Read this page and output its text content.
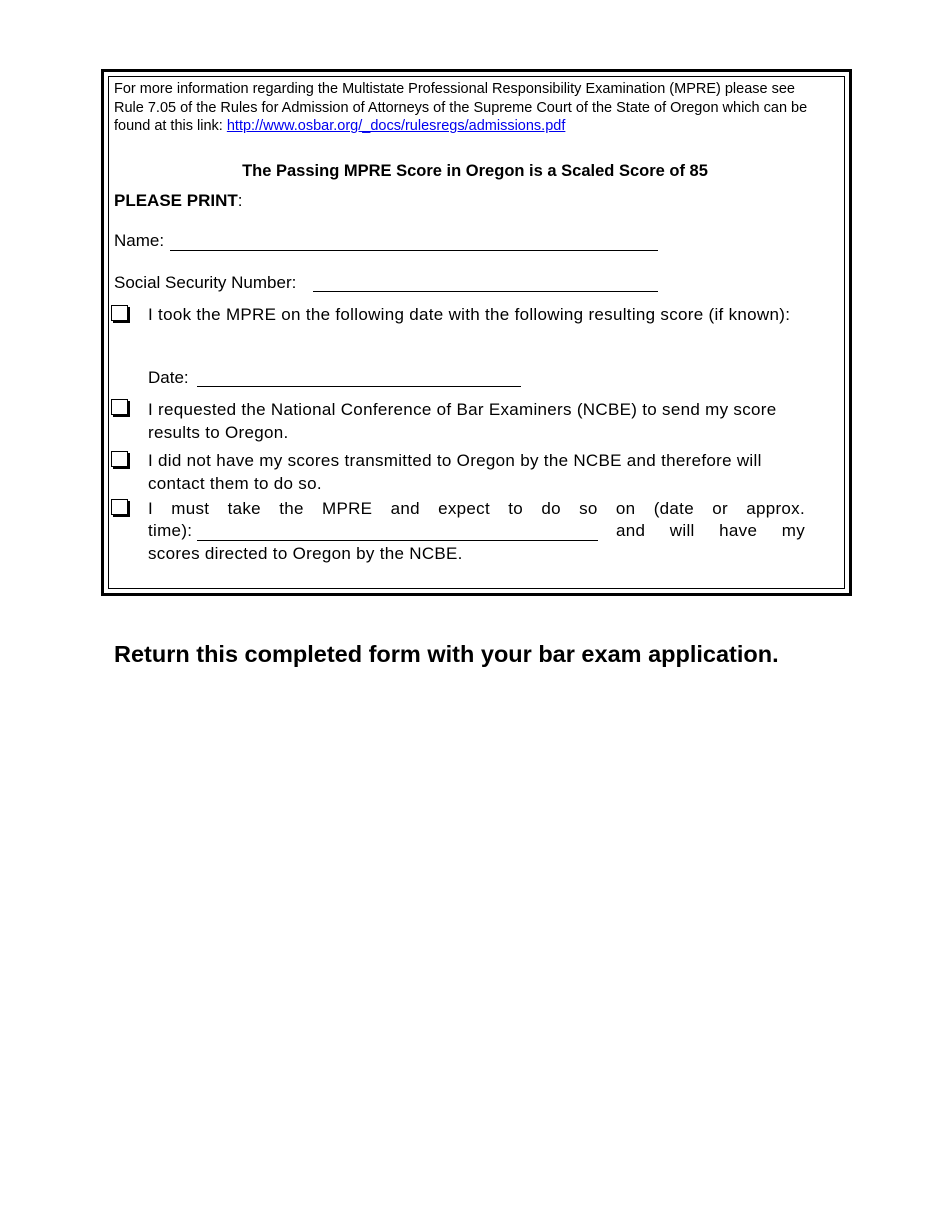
For more information regarding the Multistate Professional Responsibility Examination (MPRE) please see Rule 7.05 of the Rules for Admission of Attorneys of the Supreme Court of the State of Oregon which can be found at this link: http://www.osbar.org/_docs/rulesregs/admissions.pdf
The Passing MPRE Score in Oregon is a Scaled Score of 85
PLEASE PRINT:
Name:
Social Security Number:
I took the MPRE on the following date with the following resulting score (if known):
Date:
I requested the National Conference of Bar Examiners (NCBE) to send my score results to Oregon.
I did not have my scores transmitted to Oregon by the NCBE and therefore will contact them to do so.
I must take the MPRE and expect to do so on (date or approx.
time):	and will have my
scores directed to Oregon by the NCBE.
Return this completed form with your bar exam application.
